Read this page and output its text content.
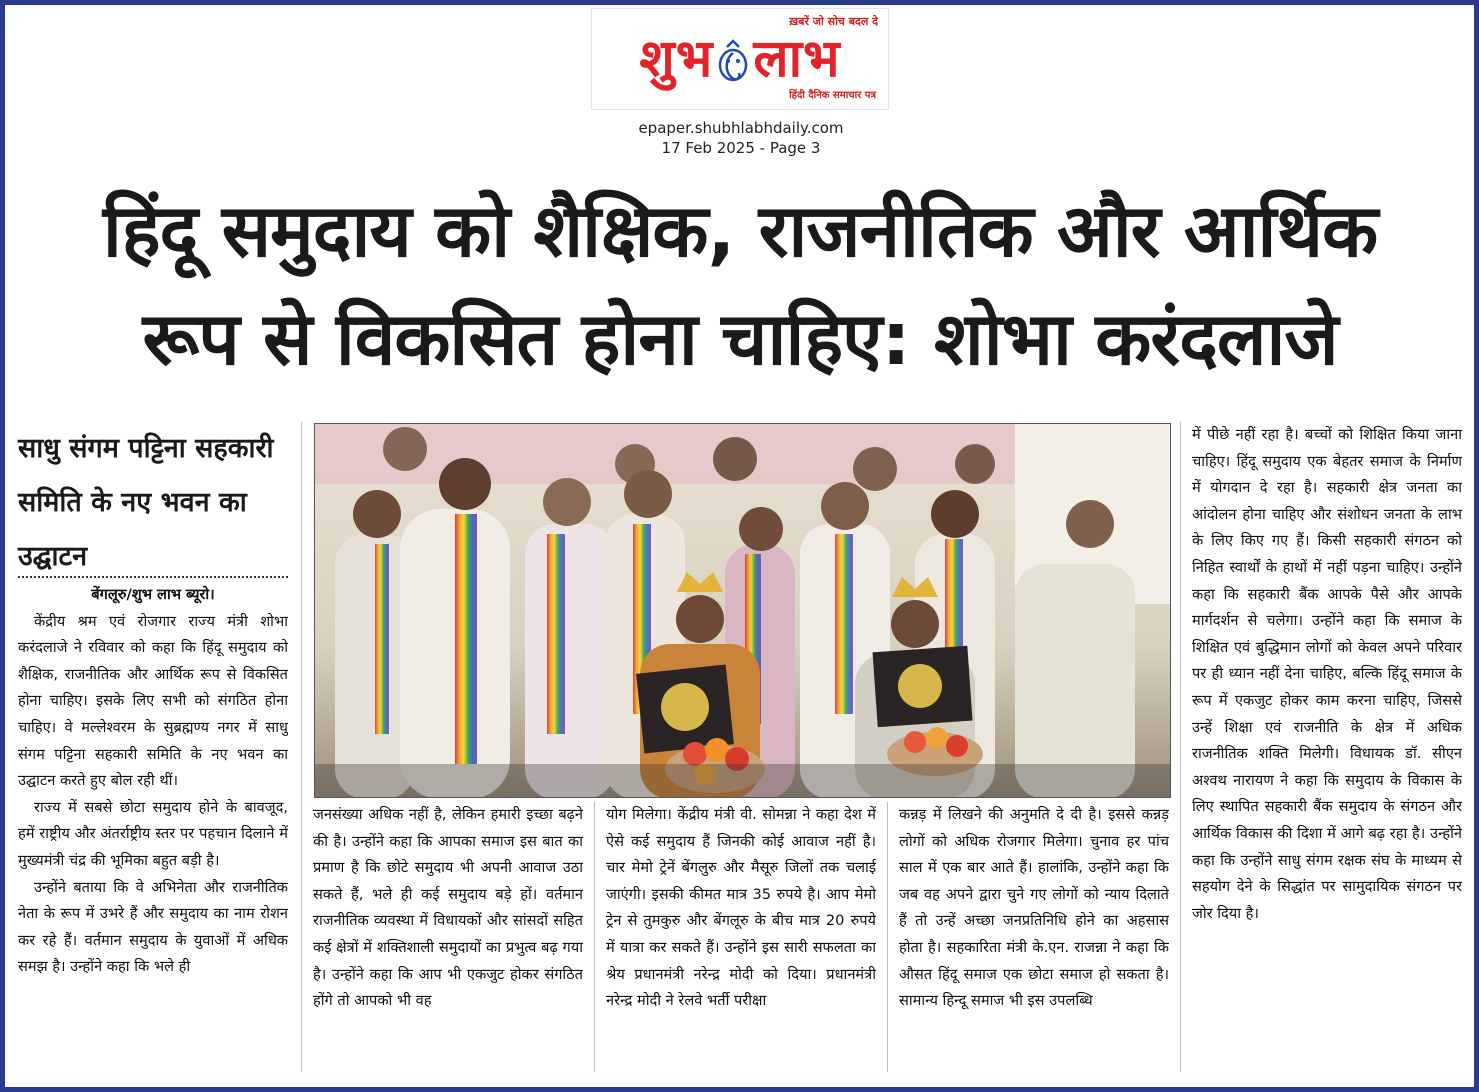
ख़बरें जो सोच बदल दे
शुभ लाभ
हिंदी दैनिक समाचार पत्र
epaper.shubhlabhdaily.com
17 Feb 2025 - Page 3
हिंदू समुदाय को शैक्षिक, राजनीतिक और आर्थिक
रूप से विकसित होना चाहिए: शोभा करंदलाजे
साधु संगम पट्टिना सहकारी समिति के नए भवन का उद्घाटन

बेंगलूरु/शुभ लाभ ब्यूरो।

केंद्रीय श्रम एवं रोजगार राज्य मंत्री शोभा करंदलाजे ने रविवार को कहा कि हिंदू समुदाय को शैक्षिक, राजनीतिक और आर्थिक रूप से विकसित होना चाहिए। इसके लिए सभी को संगठित होना चाहिए। वे मल्लेश्वरम के सुब्रह्मण्य नगर में साधु संगम पट्टिना सहकारी समिति के नए भवन का उद्घाटन करते हुए बोल रही थीं।

राज्य में सबसे छोटा समुदाय होने के बावजूद, हमें राष्ट्रीय और अंतर्राष्ट्रीय स्तर पर पहचान दिलाने में मुख्यमंत्री चंद्र की भूमिका बहुत बड़ी है।

उन्होंने बताया कि वे अभिनेता और राजनीतिक नेता के रूप में उभरे हैं और समुदाय का नाम रोशन कर रहे हैं। वर्तमान समुदाय के युवाओं में अधिक समझ है। उन्होंने कहा कि भले ही

जनसंख्या अधिक नहीं है, लेकिन हमारी इच्छा बढ़ने की है। उन्होंने कहा कि आपका समाज इस बात का प्रमाण है कि छोटे समुदाय भी अपनी आवाज उठा सकते हैं, भले ही कई समुदाय बड़े हों। वर्तमान राजनीतिक व्यवस्था में विधायकों और सांसदों सहित कई क्षेत्रों में शक्तिशाली समुदायों का प्रभुत्व बढ़ गया है। उन्होंने कहा कि आप भी एकजुट होकर संगठित होंगे तो आपको भी वह

योग मिलेगा। केंद्रीय मंत्री वी. सोमन्ना ने कहा देश में ऐसे कई समुदाय हैं जिनकी कोई आवाज नहीं है। चार मेमो ट्रेनें बेंगलुरु और मैसूरु जिलों तक चलाई जाएंगी। इसकी कीमत मात्र 35 रुपये है। आप मेमो ट्रेन से तुमकुरु और बेंगलूरु के बीच मात्र 20 रुपये में यात्रा कर सकते हैं। उन्होंने इस सारी सफलता का श्रेय प्रधानमंत्री नरेन्द्र मोदी को दिया। प्रधानमंत्री नरेन्द्र मोदी ने रेलवे भर्ती परीक्षा

कन्नड़ में लिखने की अनुमति दे दी है। इससे कन्नड़ लोगों को अधिक रोजगार मिलेगा। चुनाव हर पांच साल में एक बार आते हैं। हालांकि, उन्होंने कहा कि जब वह अपने द्वारा चुने गए लोगों को न्याय दिलाते हैं तो उन्हें अच्छा जनप्रतिनिधि होने का अहसास होता है। सहकारिता मंत्री के.एन. राजन्ना ने कहा कि औसत हिंदू समाज एक छोटा समाज हो सकता है। सामान्य हिन्दू समाज भी इस उपलब्धि

में पीछे नहीं रहा है। बच्चों को शिक्षित किया जाना चाहिए। हिंदू समुदाय एक बेहतर समाज के निर्माण में योगदान दे रहा है। सहकारी क्षेत्र जनता का आंदोलन होना चाहिए और संशोधन जनता के लाभ के लिए किए गए हैं। किसी सहकारी संगठन को निहित स्वार्थों के हाथों में नहीं पड़ना चाहिए। उन्होंने कहा कि सहकारी बैंक आपके पैसे और आपके मार्गदर्शन से चलेगा। उन्होंने कहा कि समाज के शिक्षित एवं बुद्धिमान लोगों को केवल अपने परिवार पर ही ध्यान नहीं देना चाहिए, बल्कि हिंदू समाज के रूप में एकजुट होकर काम करना चाहिए, जिससे उन्हें शिक्षा एवं राजनीति के क्षेत्र में अधिक राजनीतिक शक्ति मिलेगी। विधायक डॉ. सीएन अश्वथ नारायण ने कहा कि समुदाय के विकास के लिए स्थापित सहकारी बैंक समुदाय के संगठन और आर्थिक विकास की दिशा में आगे बढ़ रहा है। उन्होंने कहा कि उन्होंने साधु संगम रक्षक संघ के माध्यम से सहयोग देने के सिद्धांत पर सामुदायिक संगठन पर जोर दिया है।
